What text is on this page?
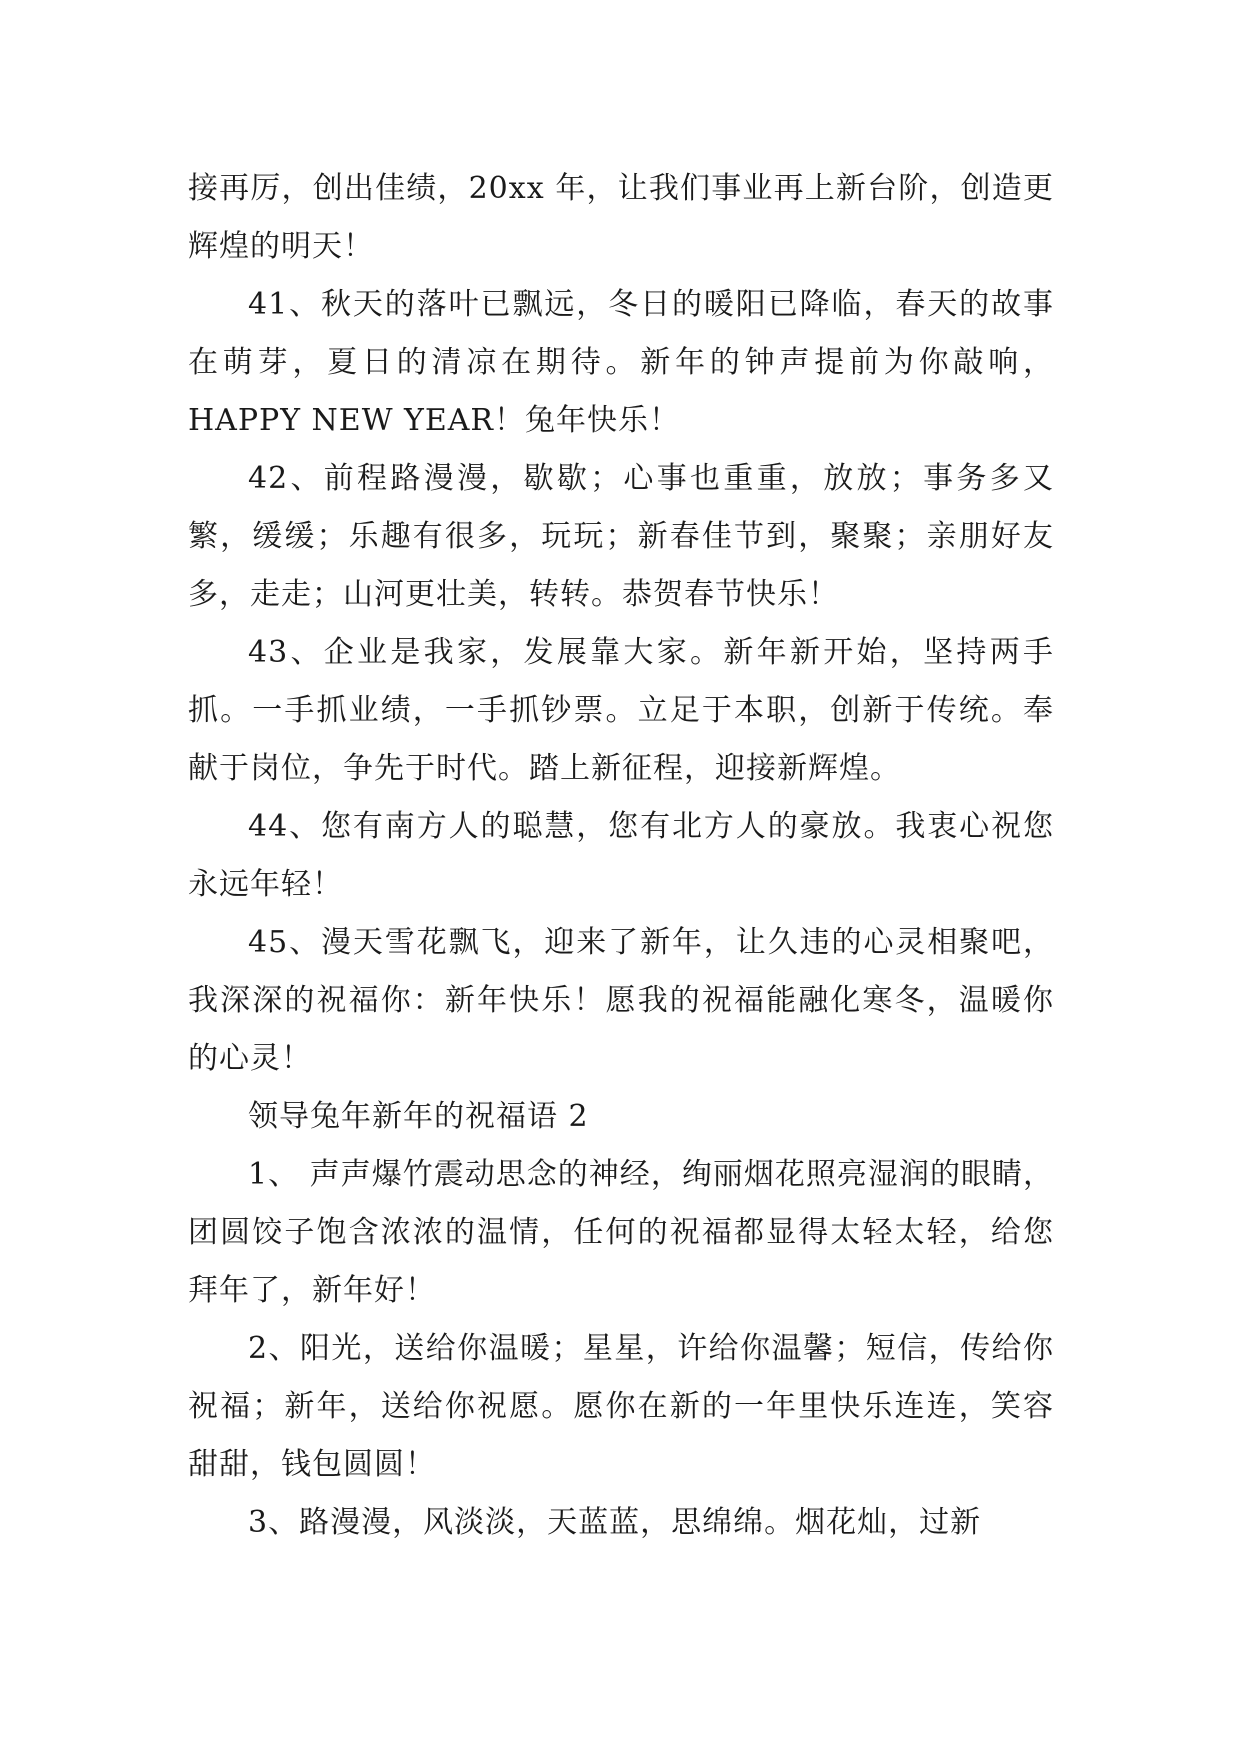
接再厉，创出佳绩，20xx 年，让我们事业再上新台阶，创造更辉煌的明天！

41、秋天的落叶已飘远，冬日的暖阳已降临，春天的故事在萌芽，夏日的清凉在期待。新年的钟声提前为你敲响，HAPPY NEW YEAR！兔年快乐！

42、前程路漫漫，歇歇；心事也重重，放放；事务多又繁，缓缓；乐趣有很多，玩玩；新春佳节到，聚聚；亲朋好友多，走走；山河更壮美，转转。恭贺春节快乐！

43、企业是我家，发展靠大家。新年新开始，坚持两手抓。一手抓业绩，一手抓钞票。立足于本职，创新于传统。奉献于岗位，争先于时代。踏上新征程，迎接新辉煌。

44、您有南方人的聪慧，您有北方人的豪放。我衷心祝您永远年轻！

45、漫天雪花飘飞，迎来了新年，让久违的心灵相聚吧，我深深的祝福你：新年快乐！愿我的祝福能融化寒冬，温暖你的心灵！

领导兔年新年的祝福语 2

1、 声声爆竹震动思念的神经，绚丽烟花照亮湿润的眼睛，团圆饺子饱含浓浓的温情，任何的祝福都显得太轻太轻，给您拜年了，新年好！

2、阳光，送给你温暖；星星，许给你温馨；短信，传给你祝福；新年，送给你祝愿。愿你在新的一年里快乐连连，笑容甜甜，钱包圆圆！

3、路漫漫，风淡淡，天蓝蓝，思绵绵。烟花灿，过新
